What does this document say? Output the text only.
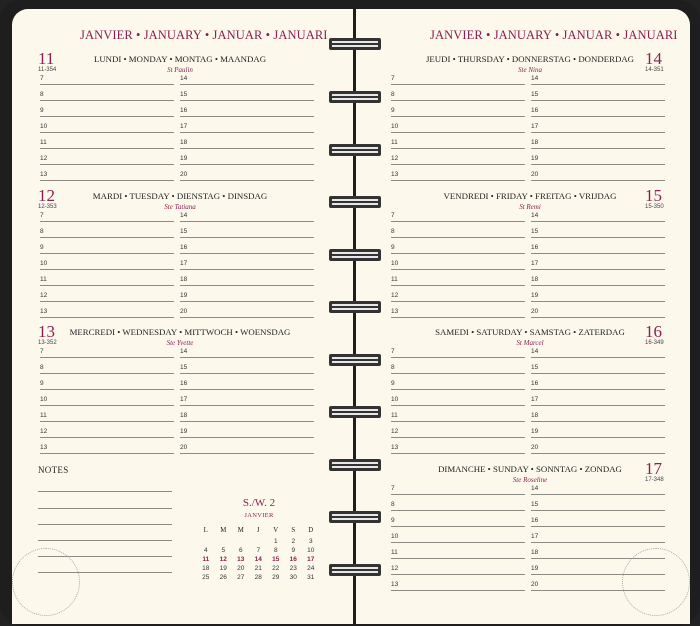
JANVIER • JANUARY • JANUAR • JANUARI	JANVIER • JANUARY • JANUAR • JANUARI
11
11-354
LUNDI • MONDAY • MONTAG • MAANDAG
St Paulin
7	14
8	15
9	16
10	17
11	18
12	19
13	20
12
12-353
MARDI • TUESDAY • DIENSTAG • DINSDAG
Ste Tatiana
7	14
8	15
9	16
10	17
11	18
12	19
13	20
13
13-352
MERCREDI • WEDNESDAY • MITTWOCH • WOENSDAG
Ste Yvette
7	14
8	15
9	16
10	17
11	18
12	19
13	20
14
14-351
JEUDI • THURSDAY • DONNERSTAG • DONDERDAG
Ste Nina
7	14
8	15
9	16
10	17
11	18
12	19
13	20
15
15-350
VENDREDI • FRIDAY • FREITAG • VRIJDAG
St Remi
7	14
8	15
9	16
10	17
11	18
12	19
13	20
16
16-349
SAMEDI • SATURDAY • SAMSTAG • ZATERDAG
St Marcel
7	14
8	15
9	16
10	17
11	18
12	19
13	20
17
17-348
DIMANCHE • SUNDAY • SONNTAG • ZONDAG
Ste Roseline
7	14
8	15
9	16
10	17
11	18
12	19
13	20
NOTES
S./W. 2
JANVIER
L	M	M	J	V	S	D
				1	2	3
4	5	6	7	8	9	10
11	12	13	14	15	16	17
18	19	20	21	22	23	24
25	26	27	28	29	30	31
